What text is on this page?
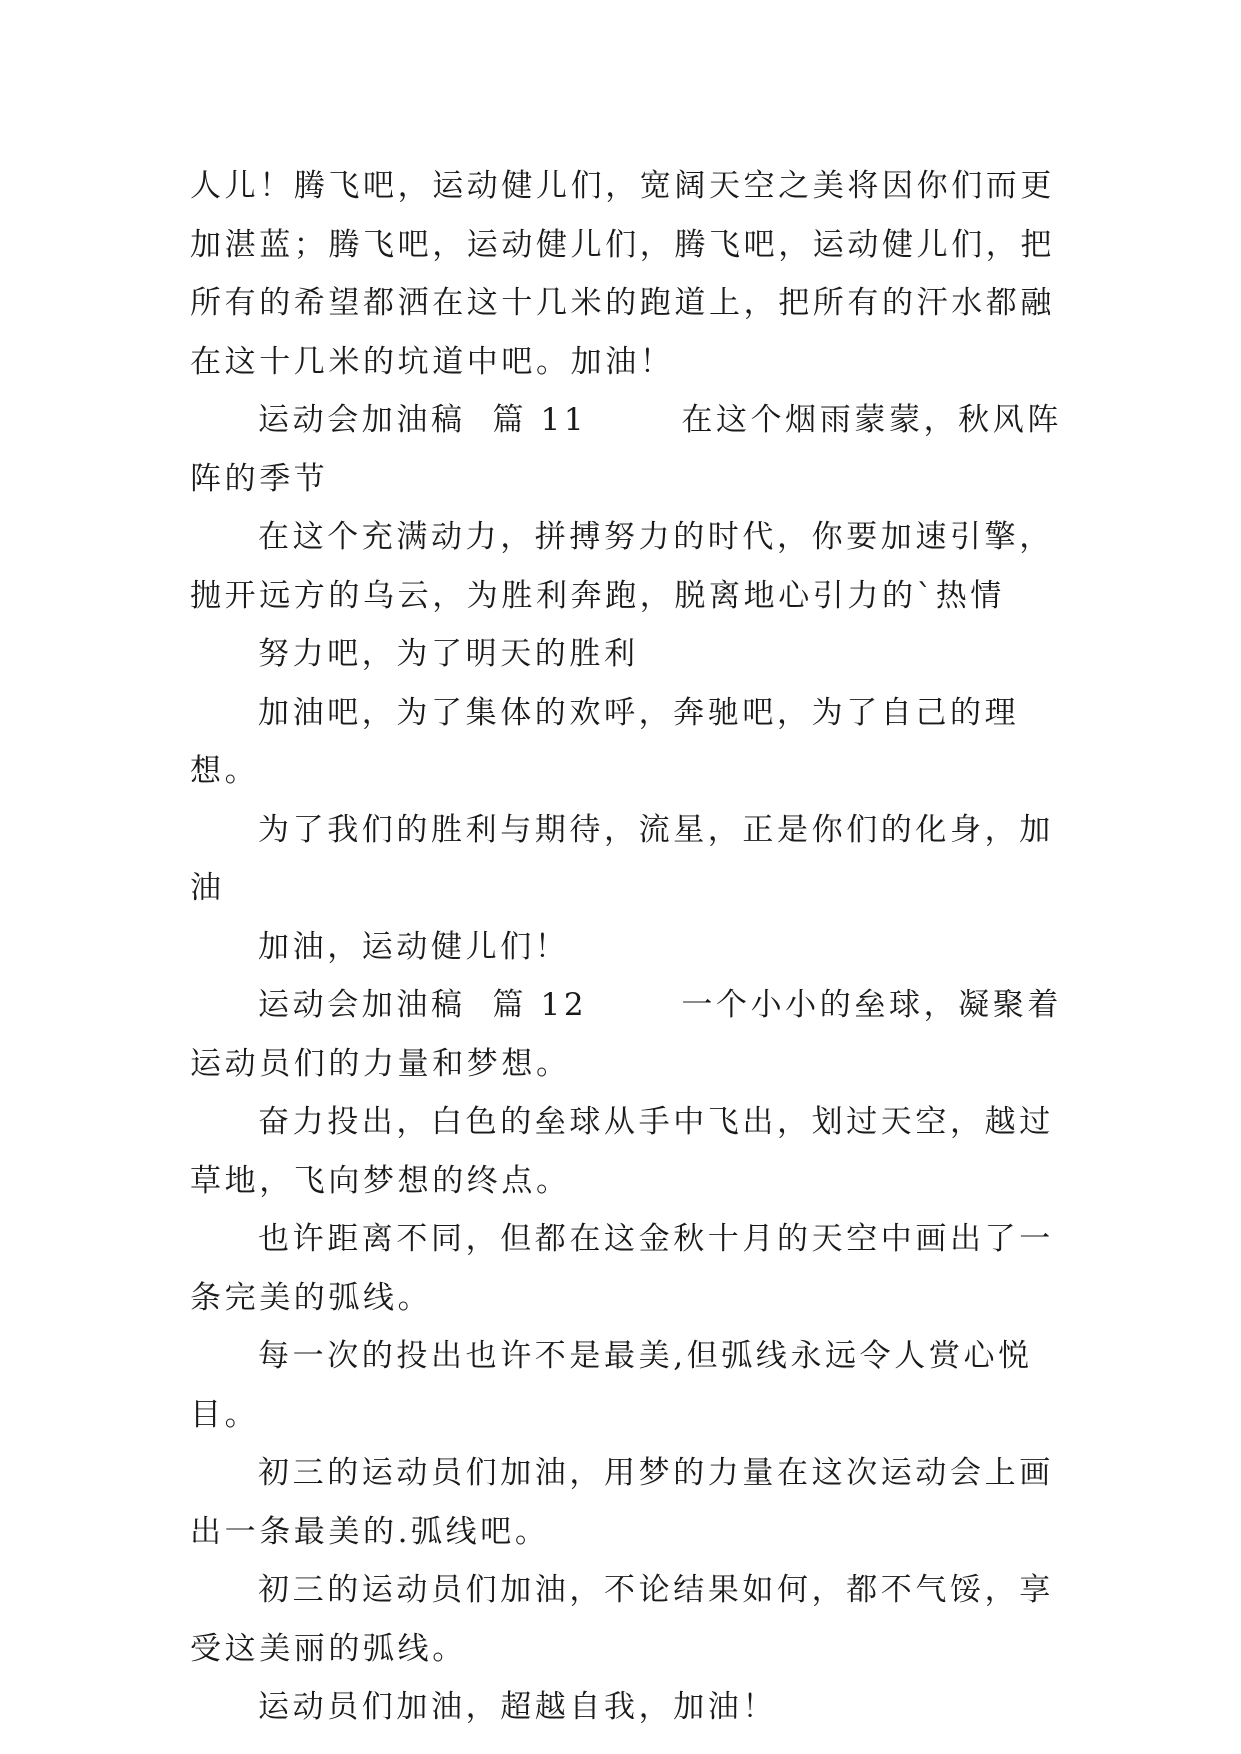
人儿！腾飞吧，运动健儿们，宽阔天空之美将因你们而更加湛蓝；腾飞吧，运动健儿们，腾飞吧，运动健儿们，把所有的希望都洒在这十几米的跑道上，把所有的汗水都融在这十几米的坑道中吧。加油！

运动会加油稿  篇 11       在这个烟雨蒙蒙，秋风阵阵的季节

在这个充满动力，拼搏努力的时代，你要加速引擎，抛开远方的乌云，为胜利奔跑，脱离地心引力的`热情

努力吧，为了明天的胜利

加油吧，为了集体的欢呼，奔驰吧，为了自己的理想。

为了我们的胜利与期待，流星，正是你们的化身，加油

加油，运动健儿们！

运动会加油稿  篇 12       一个小小的垒球，凝聚着运动员们的力量和梦想。

奋力投出，白色的垒球从手中飞出，划过天空，越过草地，飞向梦想的终点。

也许距离不同，但都在这金秋十月的天空中画出了一条完美的弧线。

每一次的投出也许不是最美,但弧线永远令人赏心悦目。

初三的运动员们加油，用梦的力量在这次运动会上画出一条最美的.弧线吧。

初三的运动员们加油，不论结果如何，都不气馁，享受这美丽的弧线。

运动员们加油，超越自我，加油！
